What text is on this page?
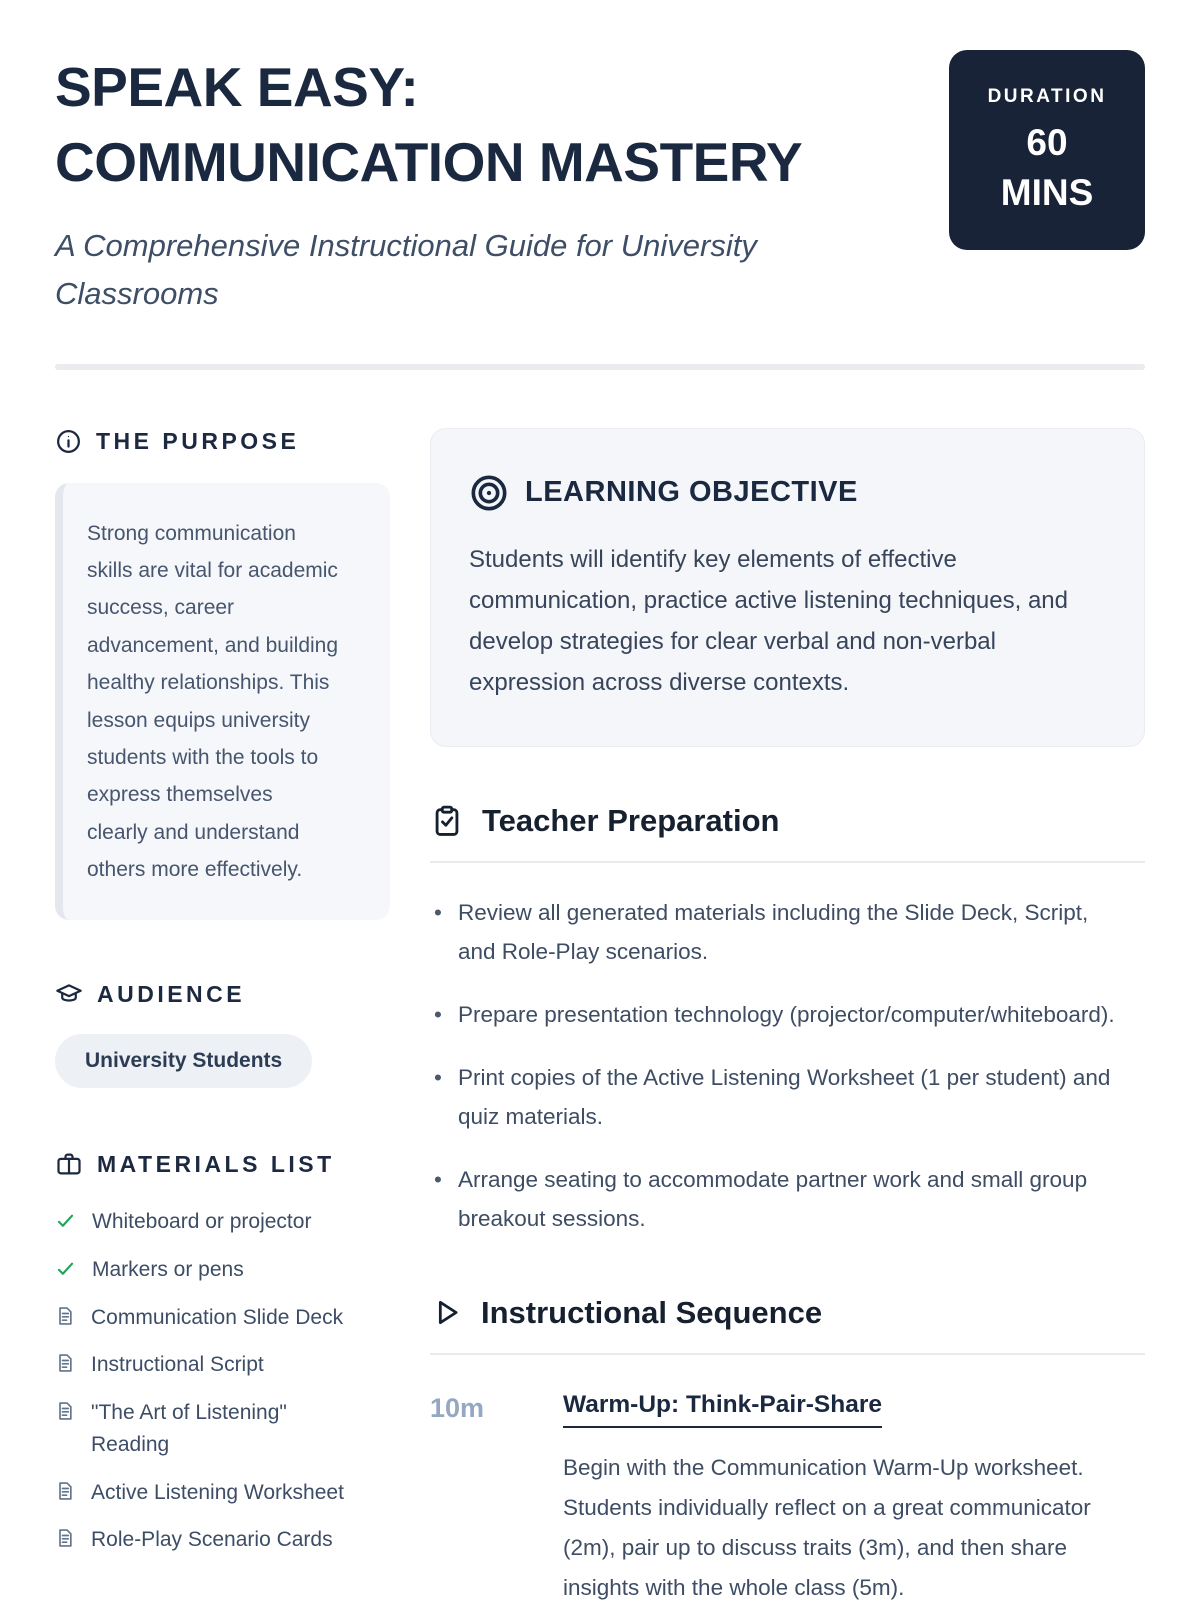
SPEAK EASY:
COMMUNICATION MASTERY

A Comprehensive Instructional Guide for University Classrooms

DURATION
60
MINS
THE PURPOSE

Strong communication skills are vital for academic success, career advancement, and building healthy relationships. This lesson equips university students with the tools to express themselves clearly and understand others more effectively.

AUDIENCE
University Students
MATERIALS LIST
Whiteboard or projector
Markers or pens
Communication Slide Deck
Instructional Script
"The Art of Listening" Reading
Active Listening Worksheet
Role-Play Scenario Cards
LEARNING OBJECTIVE

Students will identify key elements of effective communication, practice active listening techniques, and develop strategies for clear verbal and non-verbal expression across diverse contexts.

Teacher Preparation
• Review all generated materials including the Slide Deck, Script, and Role-Play scenarios.
• Prepare presentation technology (projector/computer/whiteboard).
• Print copies of the Active Listening Worksheet (1 per student) and quiz materials.
• Arrange seating to accommodate partner work and small group breakout sessions.
Instructional Sequence
10m	Warm-Up: Think-Pair-Share

Begin with the Communication Warm-Up worksheet. Students individually reflect on a great communicator (2m), pair up to discuss traits (3m), and then share insights with the whole class (5m).
